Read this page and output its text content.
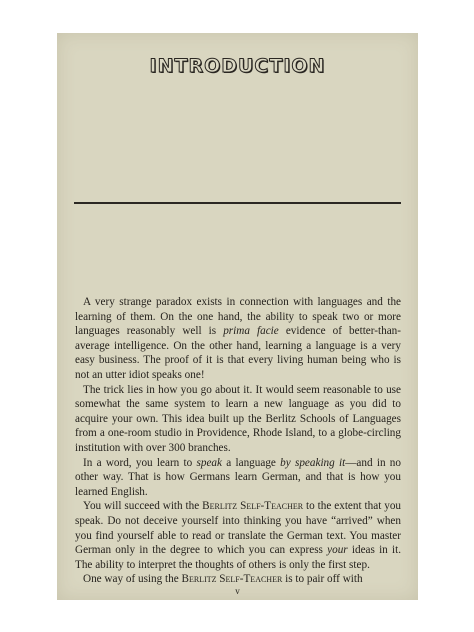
INTRODUCTION

A very strange paradox exists in connection with languages and the learning of them. On the one hand, the ability to speak two or more languages reasonably well is prima facie evidence of better-than-average intelligence. On the other hand, learning a language is a very easy business. The proof of it is that every living human being who is not an utter idiot speaks one!

The trick lies in how you go about it. It would seem reasonable to use somewhat the same system to learn a new language as you did to acquire your own. This idea built up the Berlitz Schools of Languages from a one-room studio in Providence, Rhode Island, to a globe-circling institution with over 300 branches.

In a word, you learn to speak a language by speaking it—and in no other way. That is how Germans learn German, and that is how you learned English.

You will succeed with the Berlitz Self-Teacher to the extent that you speak. Do not deceive yourself into thinking you have “arrived” when you find yourself able to read or translate the German text. You master German only in the degree to which you can express your ideas in it. The ability to interpret the thoughts of others is only the first step.

One way of using the Berlitz Self-Teacher is to pair off with

v
